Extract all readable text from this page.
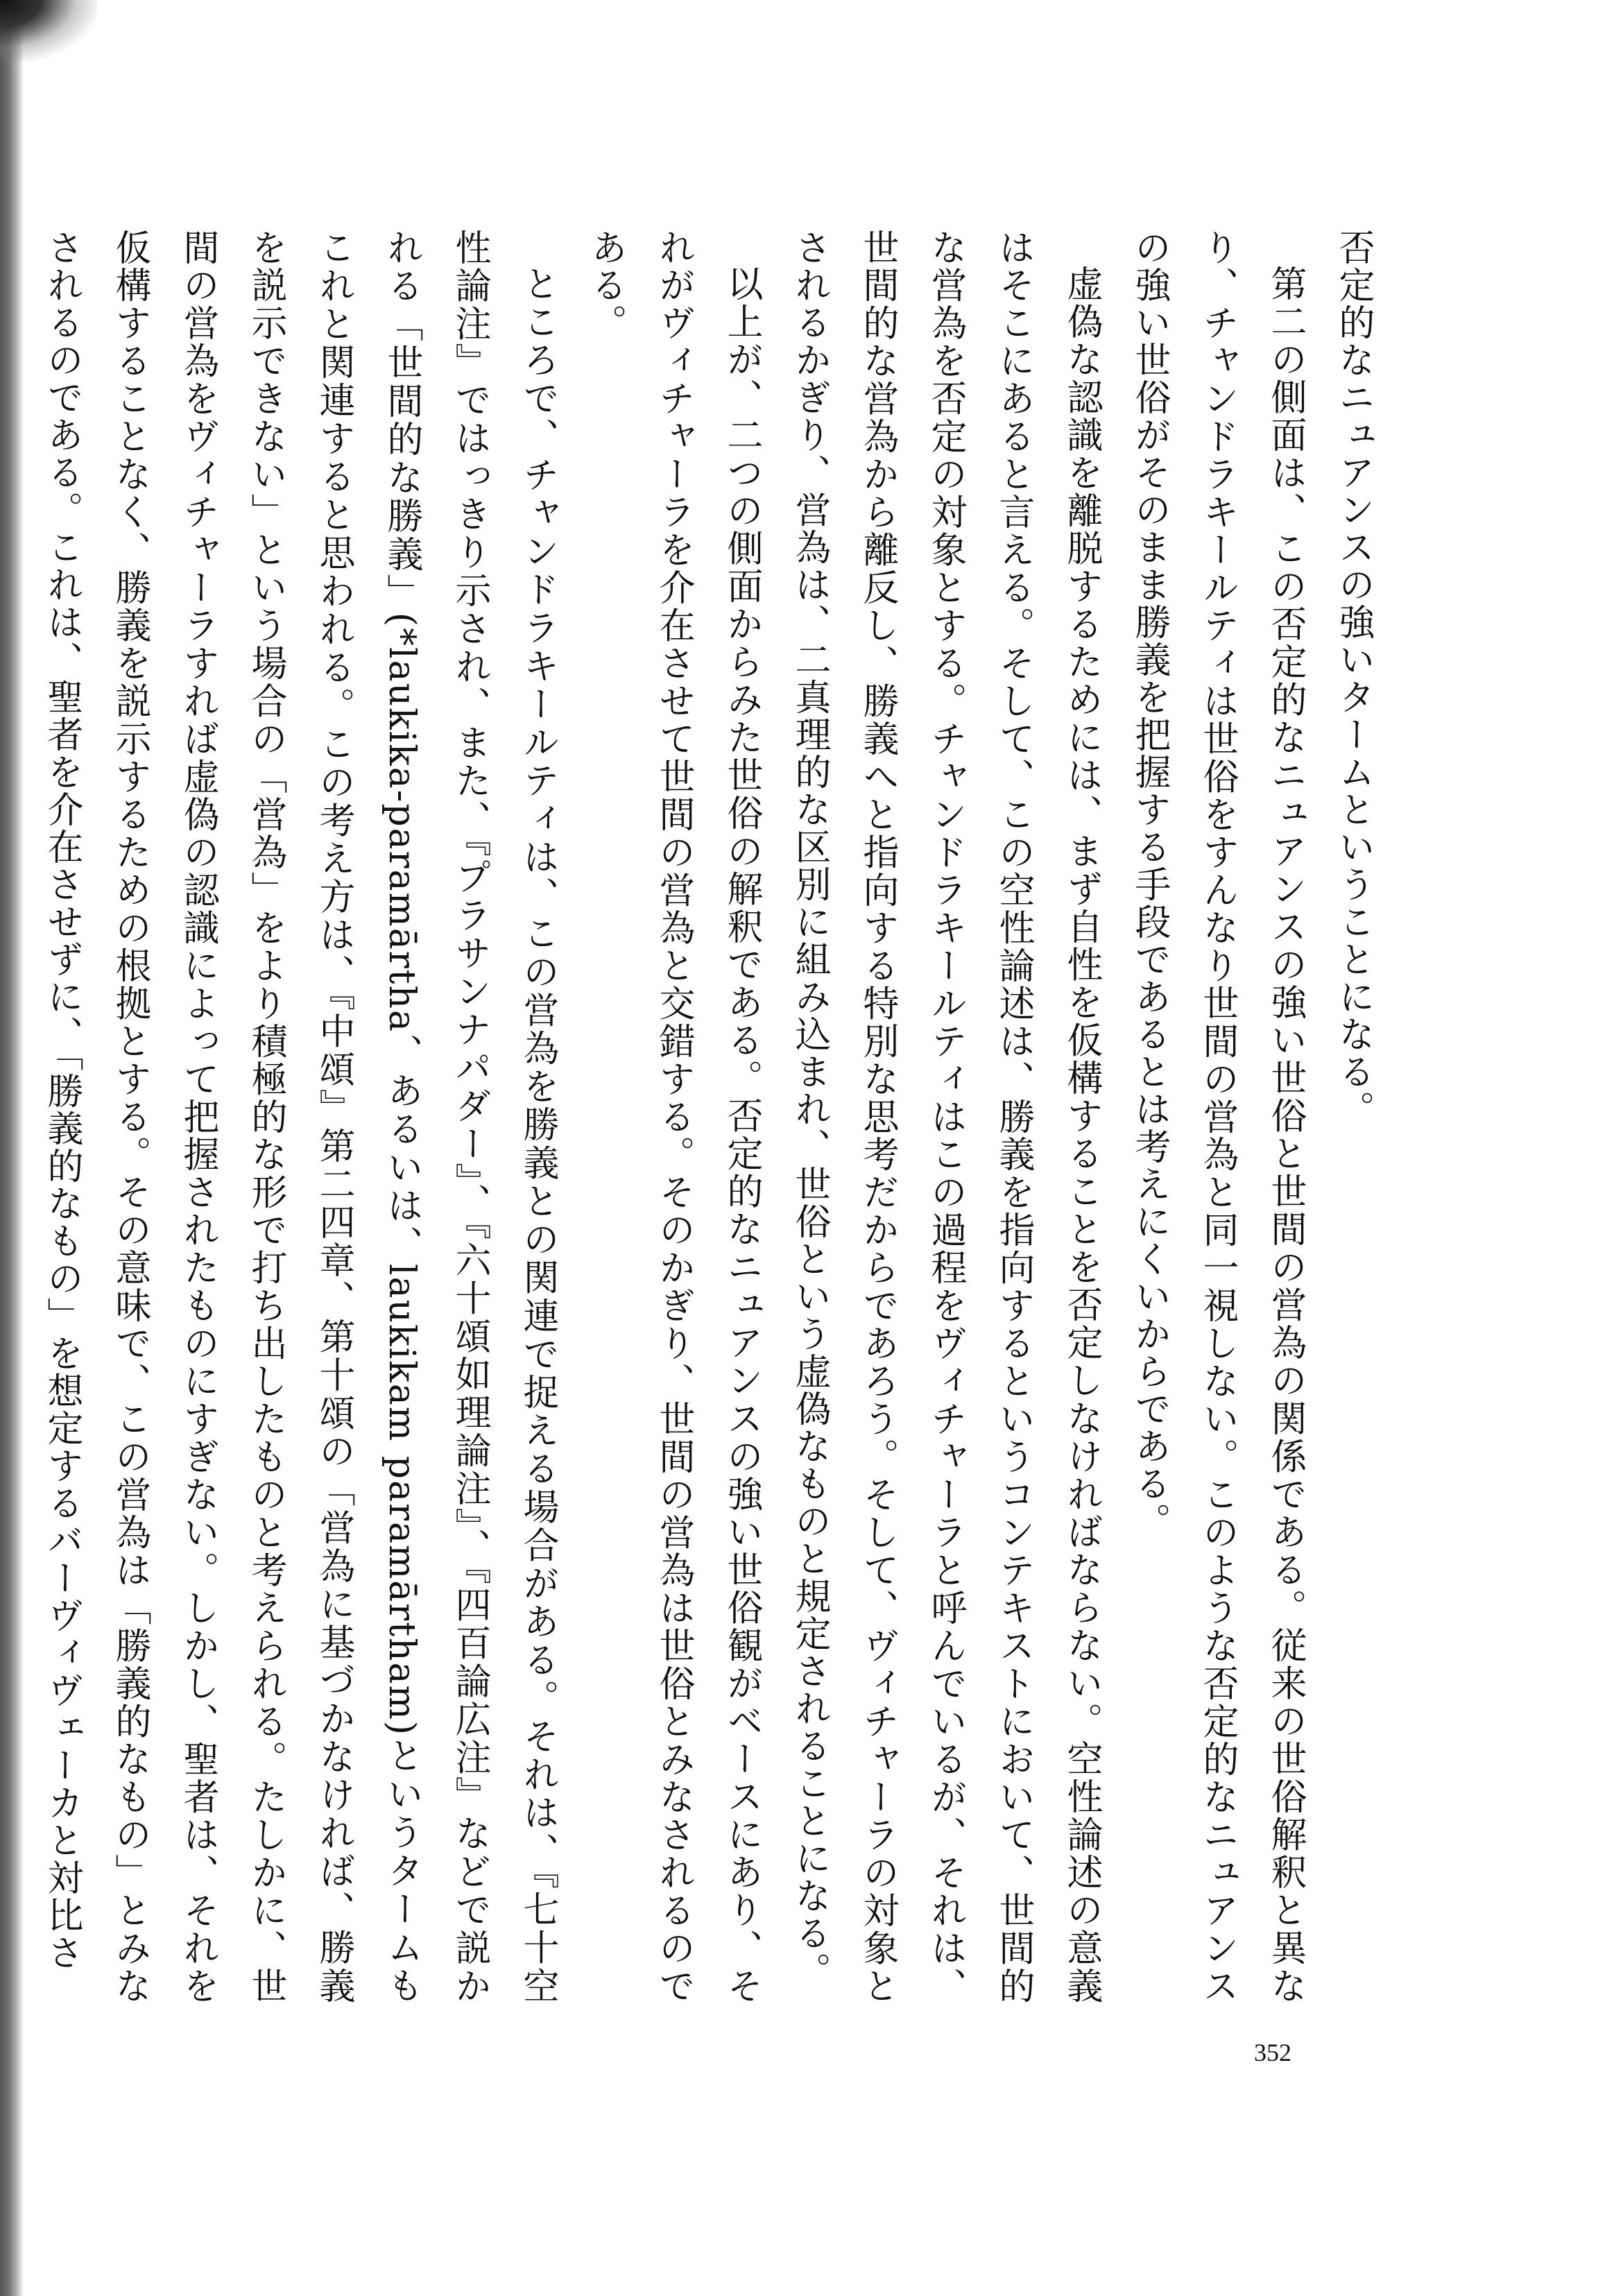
否定的なニュアンスの強いタームということになる。

第二の側面は、この否定的なニュアンスの強い世俗と世間の営為の関係である。従来の世俗解釈と異なり、チャンドラキールティは世俗をすんなり世間の営為と同一視しない。このような否定的なニュアンスの強い世俗がそのまま勝義を把握する手段であるとは考えにくいからである。

虚偽な認識を離脱するためには、まず自性を仮構することを否定しなければならない。空性論述の意義はそこにあると言える。そして、この空性論述は、勝義を指向するというコンテキストにおいて、世間的な営為を否定の対象とする。チャンドラキールティはこの過程をヴィチャーラと呼んでいるが、それは、世間的な営為から離反し、勝義へと指向する特別な思考だからであろう。そして、ヴィチャーラの対象とされるかぎり、営為は、二真理的な区別に組み込まれ、世俗という虚偽なものと規定されることになる。

以上が、二つの側面からみた世俗の解釈である。否定的なニュアンスの強い世俗観がベースにあり、それがヴィチャーラを介在させて世間の営為と交錯する。そのかぎり、世間の営為は世俗とみなされるのである。

ところで、チャンドラキールティは、この営為を勝義との関連で捉える場合がある。それは、『七十空性論注』ではっきり示され、また、『プラサンナパダー』、『六十頌如理論注』、『四百論広注』などで説かれる「世間的な勝義」(*laukika-paramārtha、あるいは、laukikam paramārtham)というタームもこれと関連すると思われる。この考え方は、『中頌』第二四章、第十頌の「営為に基づかなければ、勝義を説示できない」という場合の「営為」をより積極的な形で打ち出したものと考えられる。たしかに、世間の営為をヴィチャーラすれば虚偽の認識によって把握されたものにすぎない。しかし、聖者は、それを仮構することなく、勝義を説示するための根拠とする。その意味で、この営為は「勝義的なもの」とみなされるのである。これは、聖者を介在させずに、「勝義的なもの」を想定するバーヴィヴェーカと対比さ

352
